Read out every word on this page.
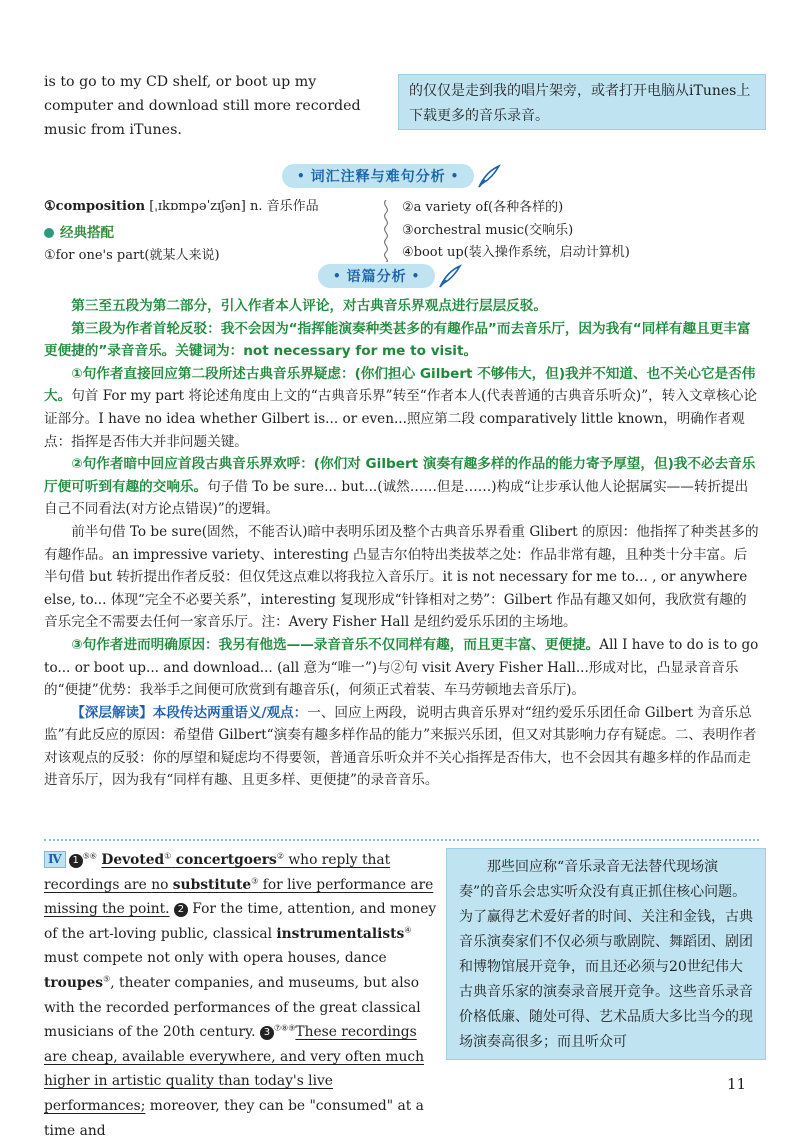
is to go to my CD shelf, or boot up my computer and download still more recorded music from iTunes.
的仅仅是走到我的唱片架旁，或者打开电脑从iTunes上下载更多的音乐录音。
• 词汇注释与难句分析 •
①composition [ˌɪkɒmpəˈzɪʃən] n. 音乐作品
经典搭配
①for one's part(就某人来说)
②a variety of(各种各样的)
③orchestral music(交响乐)
④boot up(装入操作系统，启动计算机)
• 语篇分析 •

第三至五段为第二部分，引入作者本人评论，对古典音乐界观点进行层层反驳。

第三段为作者首轮反驳：我不会因为“指挥能演奏种类甚多的有趣作品”而去音乐厅，因为我有“同样有趣且更丰富更便捷的”录音音乐。关键词为：not necessary for me to visit。

①句作者直接回应第二段所述古典音乐界疑虑：(你们担心 Gilbert 不够伟大，但)我并不知道、也不关心它是否伟大。句首 For my part 将论述角度由上文的“古典音乐界”转至“作者本人(代表普通的古典音乐听众)”，转入文章核心论证部分。I have no idea whether Gilbert is... or even...照应第二段 comparatively little known，明确作者观点：指挥是否伟大并非问题关键。

②句作者暗中回应首段古典音乐界欢呼：(你们对 Gilbert 演奏有趣多样的作品的能力寄予厚望，但)我不必去音乐厅便可听到有趣的交响乐。句子借 To be sure... but...(诚然……但是……)构成“让步承认他人论据属实——转折提出自己不同看法(对方论点错误)”的逻辑。

前半句借 To be sure(固然，不能否认)暗中表明乐团及整个古典音乐界看重 Glibert 的原因：他指挥了种类甚多的有趣作品。an impressive variety、interesting 凸显吉尔伯特出类拔萃之处：作品非常有趣，且种类十分丰富。后半句借 but 转折提出作者反驳：但仅凭这点难以将我拉入音乐厅。it is not necessary for me to... , or anywhere else, to... 体现“完全不必要关系”，interesting 复现形成“针锋相对之势”：Gilbert 作品有趣又如何，我欣赏有趣的音乐完全不需要去任何一家音乐厅。注：Avery Fisher Hall 是纽约爱乐乐团的主场地。

③句作者进而明确原因：我另有他选——录音音乐不仅同样有趣，而且更丰富、更便捷。All I have to do is to go to... or boot up... and download... (all 意为“唯一”)与②句 visit Avery Fisher Hall...形成对比，凸显录音音乐的“便捷”优势：我举手之间便可欣赏到有趣音乐(，何须正式着装、车马劳顿地去音乐厅)。

【深层解读】本段传达两重语义/观点：一、回应上两段，说明古典音乐界对“纽约爱乐乐团任命 Gilbert 为音乐总监”有此反应的原因：希望借 Gilbert“演奏有趣多样作品的能力”来振兴乐团，但又对其影响力存有疑虑。二、表明作者对该观点的反驳：你的厚望和疑虑均不得要领，普通音乐听众并不关心指挥是否伟大，也不会因其有趣多样的作品而走进音乐厅，因为我有“同样有趣、且更多样、更便捷”的录音音乐。

Ⅳ 1 ⑤⑥ Devoted① concertgoers② who reply that recordings are no substitute③ for live performance are missing the point. 2 For the time, attention, and money of the art-loving public, classical instrumentalists④ must compete not only with opera houses, dance troupes⑤, theater companies, and museums, but also with the recorded performances of the great classical musicians of the 20th century. 3 ⑦⑧⑨These recordings are cheap, available everywhere, and very often much higher in artistic quality than today's live performances; moreover, they can be "consumed" at a time and
那些回应称“音乐录音无法替代现场演奏”的音乐会忠实听众没有真正抓住核心问题。为了赢得艺术爱好者的时间、关注和金钱，古典音乐演奏家们不仅必须与歌剧院、舞蹈团、剧团和博物馆展开竞争，而且还必须与20世纪伟大古典音乐家的演奏录音展开竞争。这些音乐录音价格低廉、随处可得、艺术品质大多比当今的现场演奏高很多；而且听众可
11
